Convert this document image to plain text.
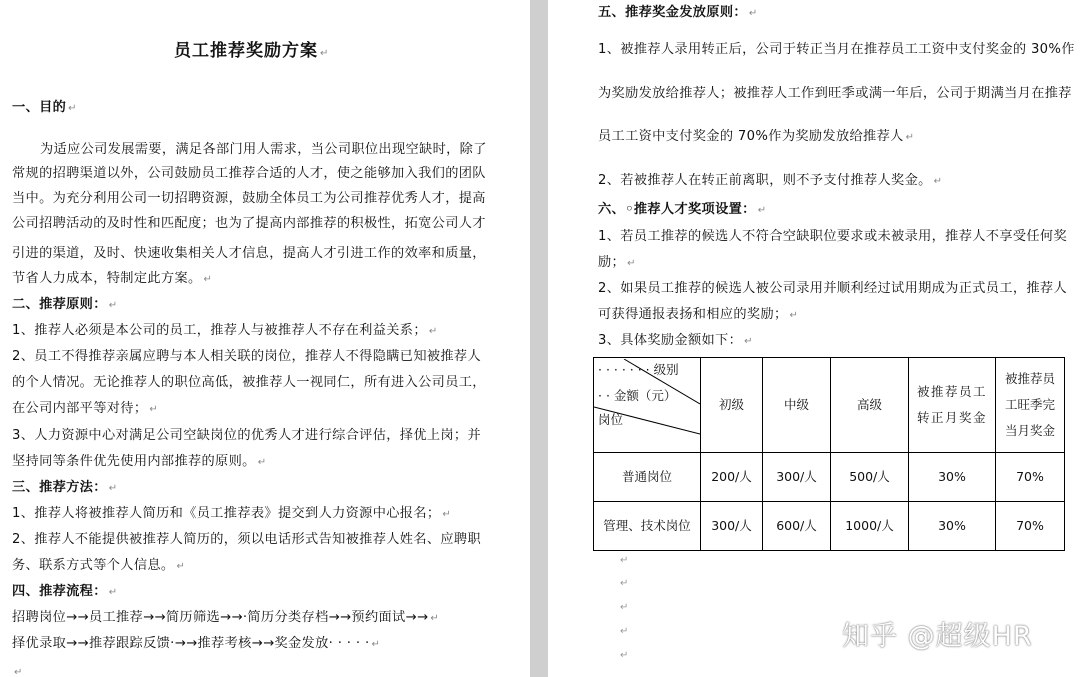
员工推荐奖励方案 ↵
一、目的 ↵
为适应公司发展需要，满足各部门用人需求，当公司职位出现空缺时，除了
常规的招聘渠道以外，公司鼓励员工推荐合适的人才，使之能够加入我们的团队
当中。为充分利用公司一切招聘资源，鼓励全体员工为公司推荐优秀人才，提高
公司招聘活动的及时性和匹配度；也为了提高内部推荐的积极性，拓宽公司人才
引进的渠道，及时、快速收集相关人才信息，提高人才引进工作的效率和质量，
节省人力成本，特制定此方案。 ↵
二、推荐原则： ↵
1、推荐人必须是本公司的员工，推荐人与被推荐人不存在利益关系； ↵
2、员工不得推荐亲属应聘与本人相关联的岗位，推荐人不得隐瞒已知被推荐人
的个人情况。无论推荐人的职位高低，被推荐人一视同仁，所有进入公司员工，
在公司内部平等对待； ↵
3、人力资源中心对满足公司空缺岗位的优秀人才进行综合评估，择优上岗；并
坚持同等条件优先使用内部推荐的原则。 ↵
三、推荐方法： ↵
1、推荐人将被推荐人简历和《员工推荐表》提交到人力资源中心报名； ↵
2、推荐人不能提供被推荐人简历的，须以电话形式告知被推荐人姓名、应聘职
务、联系方式等个人信息。 ↵
四、推荐流程： ↵
招聘岗位→→员工推荐→→简历筛选→→·简历分类存档→→预约面试→→ ↵
择优录取→→推荐跟踪反馈·→→推荐考核→→奖金发放· · · · · ↵
↵
五、推荐奖金发放原则： ↵
1、被推荐人录用转正后，公司于转正当月在推荐员工工资中支付奖金的 30%作
为奖励发放给推荐人；被推荐人工作到旺季或满一年后，公司于期满当月在推荐
员工工资中支付奖金的 70%作为奖励发放给推荐人 ↵
2、若被推荐人在转正前离职，则不予支付推荐人奖金。 ↵
六、◦推荐人才奖项设置： ↵
1、若员工推荐的候选人不符合空缺职位要求或未被录用，推荐人不享受任何奖
励； ↵
2、如果员工推荐的候选人被公司录用并顺利经过试用期成为正式员工，推荐人
可获得通报表扬和相应的奖励； ↵
3、具体奖励金额如下： ↵
· · · · · · · 级别
· · 金额（元）
岗位	初级	中级	高级	被推荐员工转正月奖金	被推荐员工旺季完当月奖金
普通岗位	200/人	300/人	500/人	30%	70%
管理、技术岗位	300/人	600/人	1000/人	30%	70%
↵
↵
↵
↵
↵
知乎 @超级HR
